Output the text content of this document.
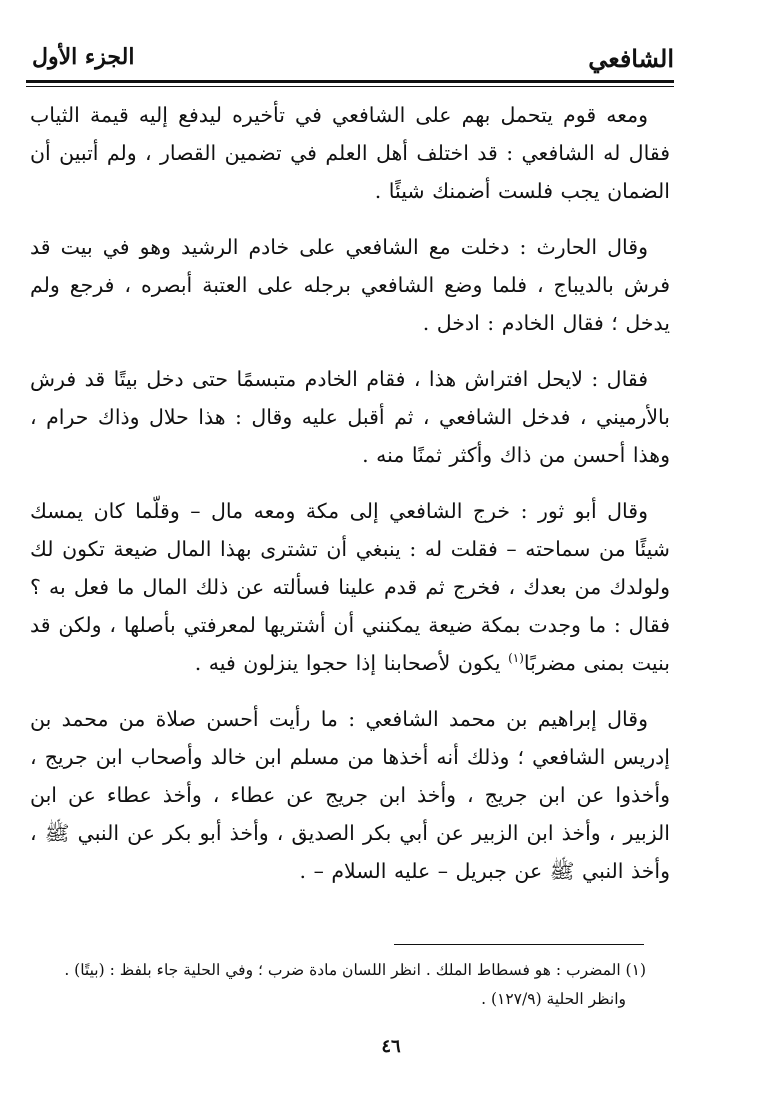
الشافعي
الجزء الأول

ومعه قوم يتحمل بهم على الشافعي في تأخيره ليدفع إليه قيمة الثياب فقال له الشافعي : قد اختلف أهل العلم في تضمين القصار ، ولم أتبين أن الضمان يجب فلست أضمنك شيئًا .

وقال الحارث : دخلت مع الشافعي على خادم الرشيد وهو في بيت قد فرش بالديباج ، فلما وضع الشافعي برجله على العتبة أبصره ، فرجع ولم يدخل ؛ فقال الخادم : ادخل .

فقال : لايحل افتراش هذا ، فقام الخادم متبسمًا حتى دخل بيتًا قد فرش بالأرميني ، فدخل الشافعي ، ثم أقبل عليه وقال : هذا حلال وذاك حرام ، وهذا أحسن من ذاك وأكثر ثمنًا منه .

وقال أبو ثور : خرج الشافعي إلى مكة ومعه مال – وقلّما كان يمسك شيئًا من سماحته – فقلت له : ينبغي أن تشترى بهذا المال ضيعة تكون لك ولولدك من بعدك ، فخرج ثم قدم علينا فسألته عن ذلك المال ما فعل به ؟ فقال : ما وجدت بمكة ضيعة يمكنني أن أشتريها لمعرفتي بأصلها ، ولكن قد بنيت بمنى مضربًا$^{(١)}$ يكون لأصحابنا إذا حجوا ينزلون فيه .

وقال إبراهيم بن محمد الشافعي : ما رأيت أحسن صلاة من محمد بن إدريس الشافعي ؛ وذلك أنه أخذها من مسلم ابن خالد وأصحاب ابن جريج ، وأخذوا عن ابن جريج ، وأخذ ابن جريج عن عطاء ، وأخذ عطاء عن ابن الزبير ، وأخذ ابن الزبير عن أبي بكر الصديق ، وأخذ أبو بكر عن النبي ﷺ ، وأخذ النبي ﷺ عن جبريل – عليه السلام – .

(١) المضرب : هو فسطاط الملك . انظر اللسان مادة ضرب ؛ وفي الحلية جاء بلفظ : (بيتًا) .

وانظر الحلية (١٢٧/٩) .

٤٦
